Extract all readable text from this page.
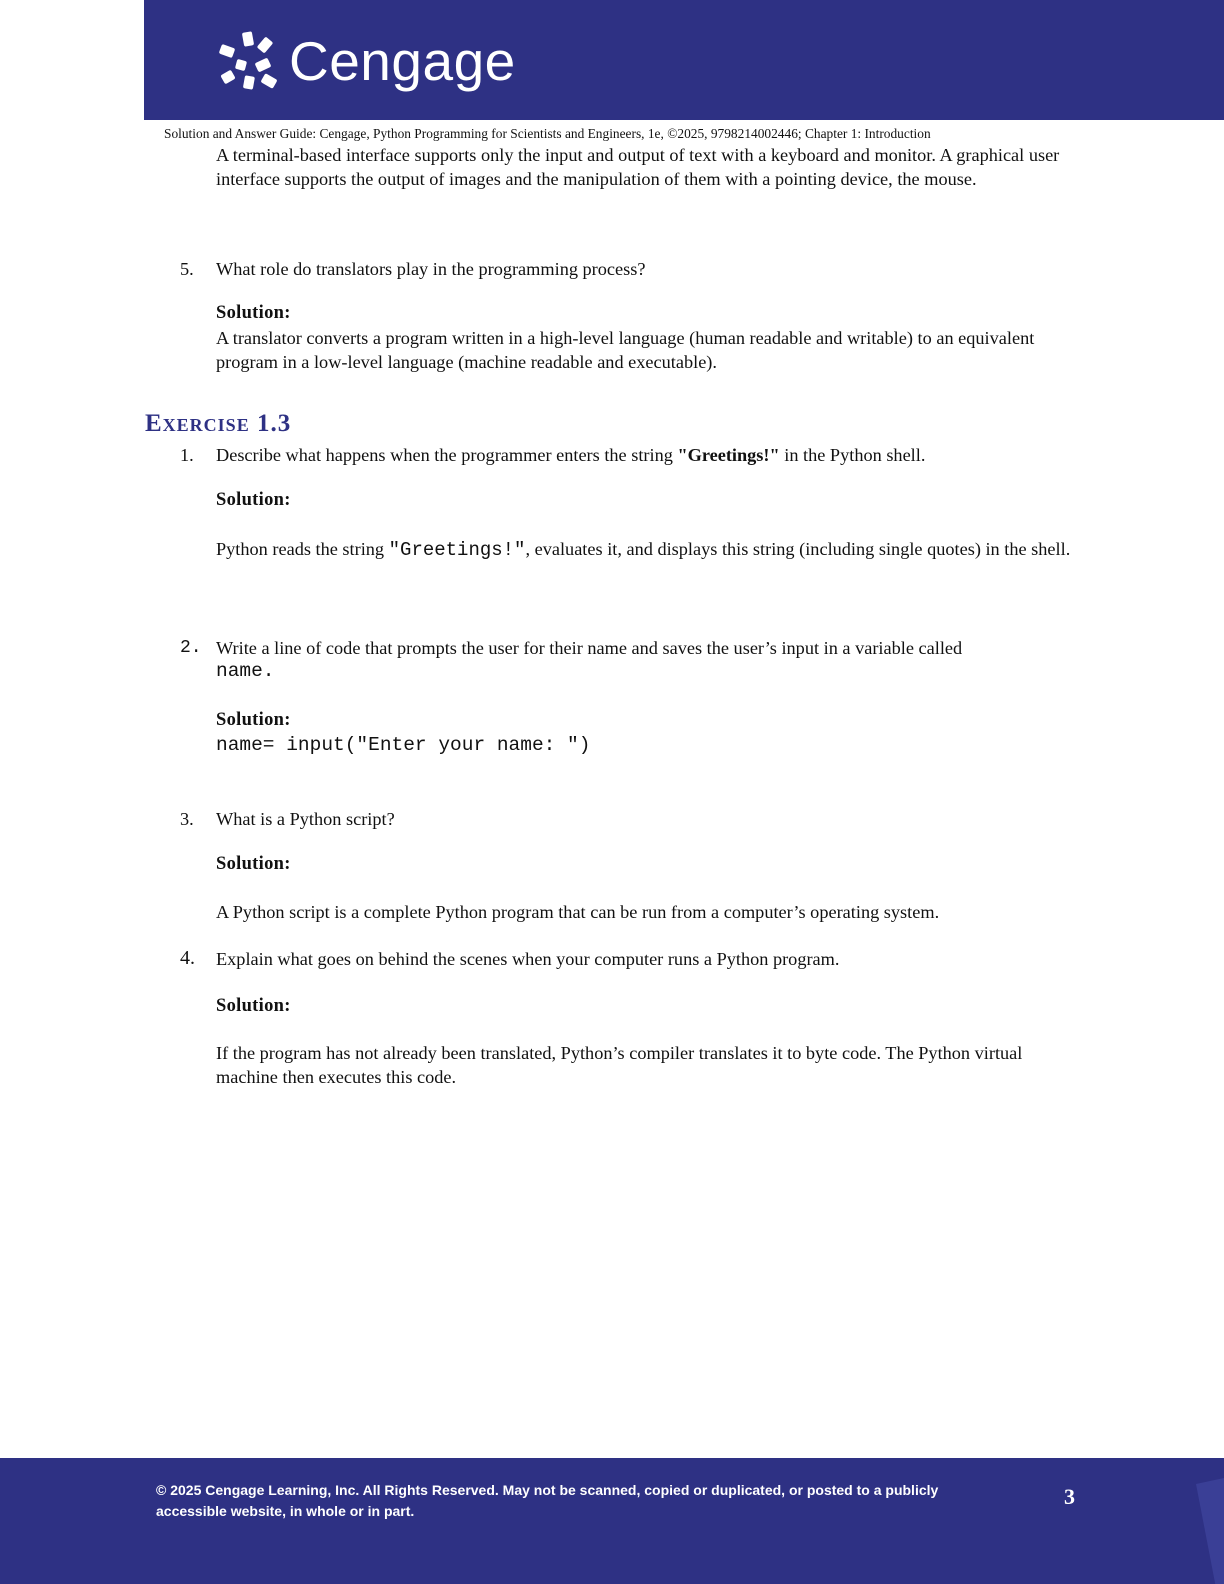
Cengage
Solution and Answer Guide: Cengage, Python Programming for Scientists and Engineers, 1e, ©2025, 9798214002446; Chapter 1: Introduction
A terminal-based interface supports only the input and output of text with a keyboard and monitor. A graphical user interface supports the output of images and the manipulation of them with a pointing device, the mouse.
5. What role do translators play in the programming process?
Solution:
A translator converts a program written in a high-level language (human readable and writable) to an equivalent program in a low-level language (machine readable and executable).
Exercise 1.3
1. Describe what happens when the programmer enters the string "Greetings!" in the Python shell.
Solution:
Python reads the string "Greetings!", evaluates it, and displays this string (including single quotes) in the shell.
2. Write a line of code that prompts the user for their name and saves the user’s input in a variable called
name.
Solution:
name= input("Enter your name: ")
3. What is a Python script?
Solution:
A Python script is a complete Python program that can be run from a computer’s operating system.
4. Explain what goes on behind the scenes when your computer runs a Python program.
Solution:
If the program has not already been translated, Python’s compiler translates it to byte code. The Python virtual machine then executes this code.
© 2025 Cengage Learning, Inc. All Rights Reserved. May not be scanned, copied or duplicated, or posted to a publicly accessible website, in whole or in part.
3
